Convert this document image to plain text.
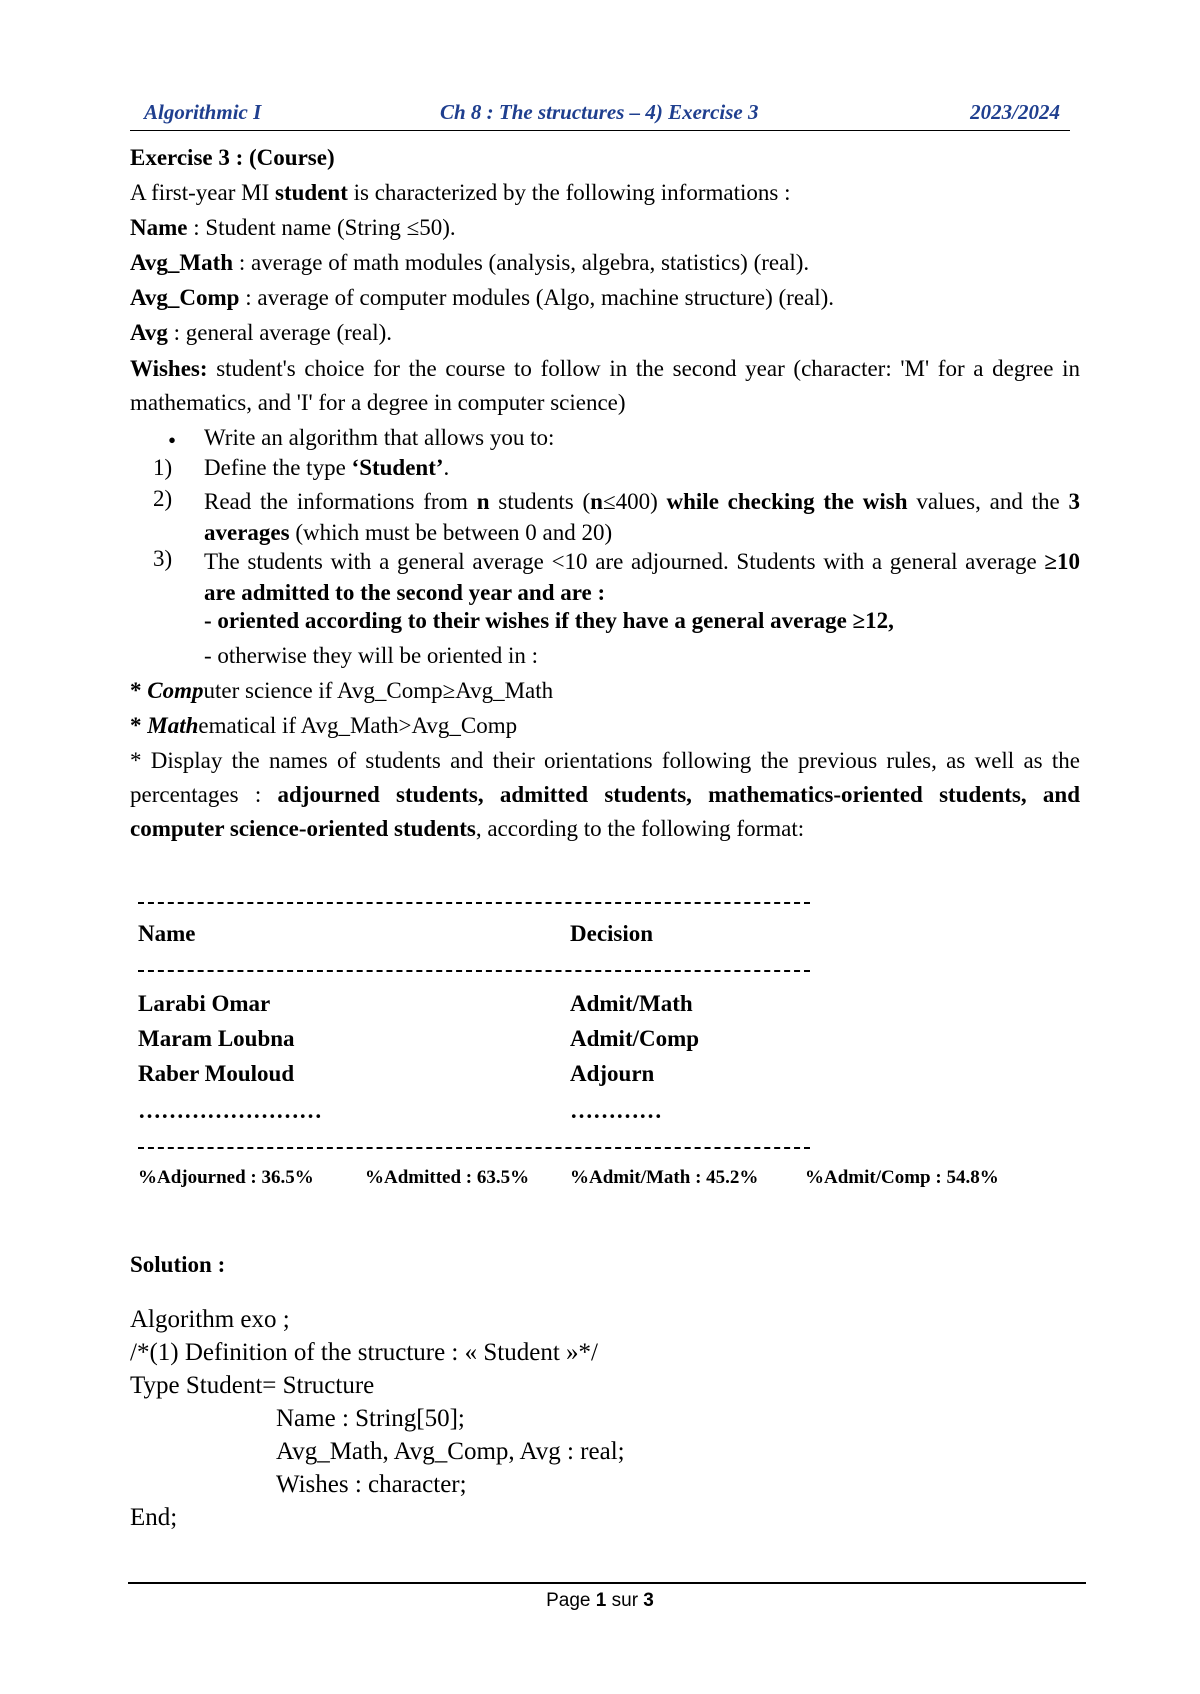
Algorithmic I	Ch 8 : The structures – 4) Exercise 3	2023/2024
Exercise 3 : (Course)
A first-year MI student is characterized by the following informations :
Name : Student name (String ≤50).
Avg_Math : average of math modules (analysis, algebra, statistics) (real).
Avg_Comp : average of computer modules (Algo, machine structure) (real).
Avg : general average (real).
Wishes: student's choice for the course to follow in the second year (character: 'M' for a degree in mathematics, and 'I' for a degree in computer science)
• Write an algorithm that allows you to:
1) Define the type ‘Student’.
2) Read the informations from n students (n≤400) while checking the wish values, and the 3 averages (which must be between 0 and 20)
3) The students with a general average <10 are adjourned. Students with a general average ≥10 are admitted to the second year and are :
- oriented according to their wishes if they have a general average ≥12,
- otherwise they will be oriented in :
* Computer science if Avg_Comp≥Avg_Math
* Mathematical if Avg_Math>Avg_Comp
* Display the names of students and their orientations following the previous rules, as well as the percentages : adjourned students, admitted students, mathematics-oriented students, and computer science-oriented students, according to the following format:
Name	Decision
Larabi Omar	Admit/Math
Maram Loubna	Admit/Comp
Raber Mouloud	Adjourn
……………………	…………
%Adjourned : 36.5%	%Admitted : 63.5% %Admit/Math : 45.2% %Admit/Comp : 54.8%
Solution :
Algorithm exo ;
/*(1) Definition of the structure : « Student »*/
Type Student= Structure
Name : String[50];
Avg_Math, Avg_Comp, Avg : real;
Wishes : character;
End;
Page 1 sur 3
